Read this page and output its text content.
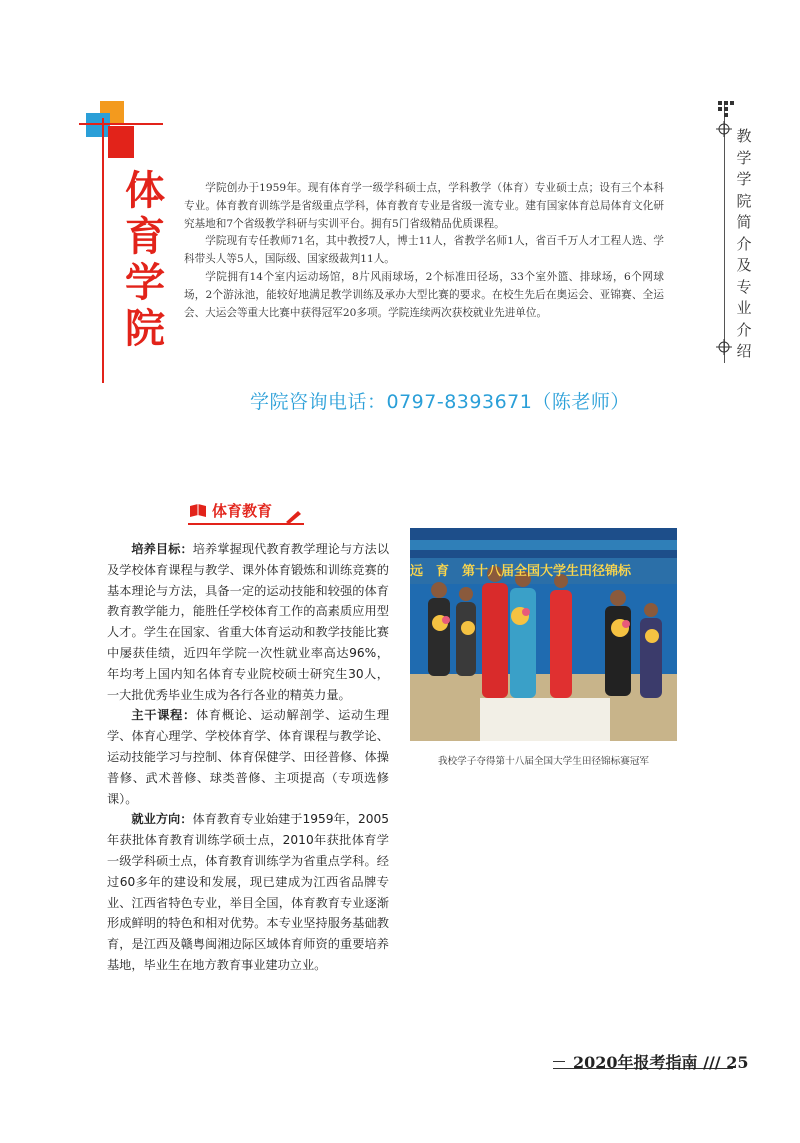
体育学院

学院创办于1959年。现有体育学一级学科硕士点，学科教学（体育）专业硕士点；设有三个本科专业。体育教育训练学是省级重点学科，体育教育专业是省级一流专业。建有国家体育总局体育文化研究基地和7个省级教学科研与实训平台。拥有5门省级精品优质课程。

学院现有专任教师71名，其中教授7人，博士11人，省教学名师1人，省百千万人才工程人选、学科带头人等5人，国际级、国家级裁判11人。

学院拥有14个室内运动场馆，8片风雨球场，2个标准田径场，33个室外篮、排球场，6个网球场，2个游泳池，能较好地满足教学训练及承办大型比赛的要求。在校生先后在奥运会、亚锦赛、全运会、大运会等重大比赛中获得冠军20多项。学院连续两次获校就业先进单位。

学院咨询电话：0797-8393671（陈老师）
教学学院简介及专业介绍
体育教育

培养目标：培养掌握现代教育教学理论与方法以及学校体育课程与教学、课外体育锻炼和训练竞赛的基本理论与方法，具备一定的运动技能和较强的体育教育教学能力，能胜任学校体育工作的高素质应用型人才。学生在国家、省重大体育运动和教学技能比赛中屡获佳绩，近四年学院一次性就业率高达96%，年均考上国内知名体育专业院校硕士研究生30人，一大批优秀毕业生成为各行各业的精英力量。

主干课程：体育概论、运动解剖学、运动生理学、体育心理学、学校体育学、体育课程与教学论、运动技能学习与控制、体育保健学、田径普修、体操普修、武术普修、球类普修、主项提高（专项选修课）。

就业方向：体育教育专业始建于1959年，2005年获批体育教育训练学硕士点，2010年获批体育学一级学科硕士点，体育教育训练学为省重点学科。经过60多年的建设和发展，现已建成为江西省品牌专业、江西省特色专业，举目全国，体育教育专业逐渐形成鲜明的特色和相对优势。本专业坚持服务基础教育，是江西及赣粤闽湘边际区域体育师资的重要培养基地，毕业生在地方教育事业建功立业。

远　育　第十八届全国大学生田径锦标
我校学子夺得第十八届全国大学生田径锦标赛冠军
2020年报考指南 /// 25
